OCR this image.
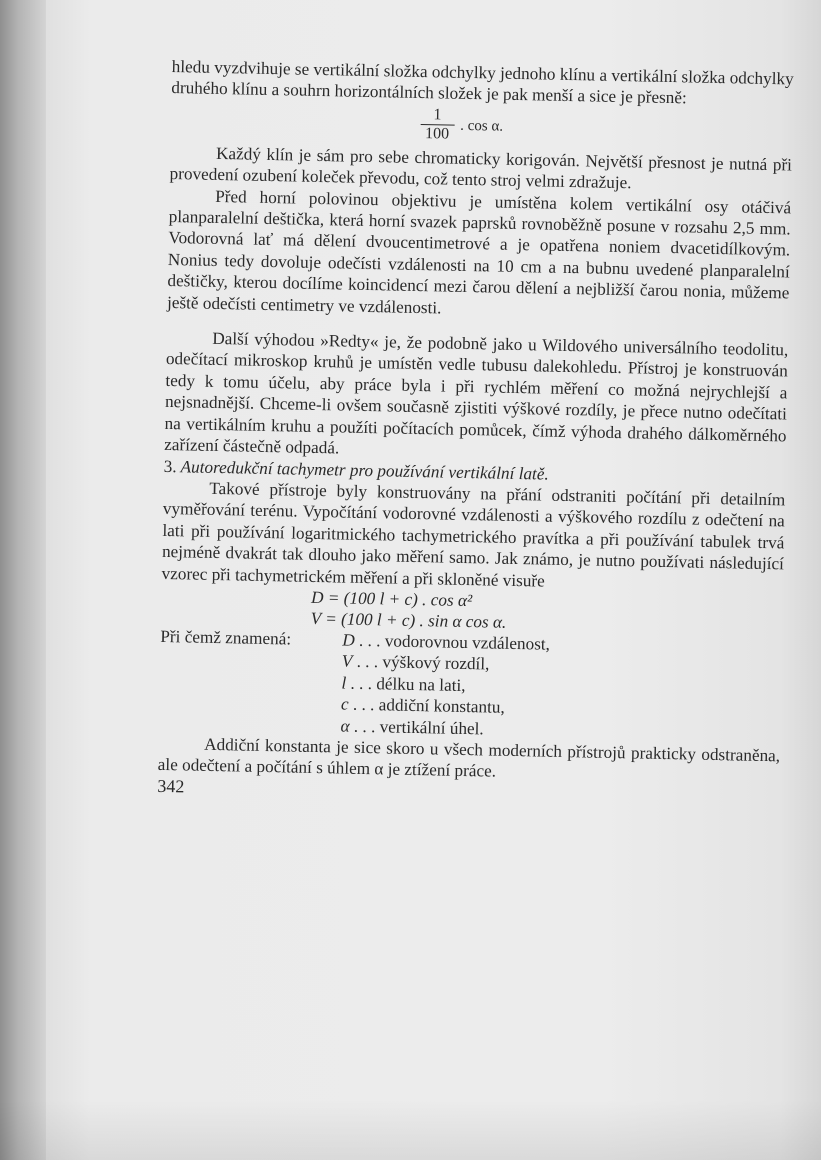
hledu vyzdvihuje se vertikální složka odchylky jednoho klínu a vertikální složka odchylky druhého klínu a souhrn horizontálních složek je pak menší a sice je přesně:

$\frac{1}{100}$ . cos α.

Každý klín je sám pro sebe chromaticky korigován. Největší přesnost je nutná při provedení ozubení koleček převodu, což tento stroj velmi zdražuje.

Před horní polovinou objektivu je umístěna kolem vertikální osy otáčivá planparalelní deštička, která horní svazek paprsků rovnoběžně posune v rozsahu 2,5 mm. Vodorovná lať má dělení dvoucentimetrové a je opatřena noniem dvacetidílkovým. Nonius tedy dovoluje odečísti vzdálenosti na 10 cm a na bubnu uvedené planparalelní deštičky, kterou docílíme koincidencí mezi čarou dělení a nejbližší čarou nonia, můžeme ještě odečísti centimetry ve vzdálenosti.

Další výhodou »Redty« je, že podobně jako u Wildového universálního teodolitu, odečítací mikroskop kruhů je umístěn vedle tubusu dalekohledu. Přístroj je konstruován tedy k tomu účelu, aby práce byla i při rychlém měření co možná nejrychlejší a nejsnadnější. Chceme-li ovšem současně zjistiti výškové rozdíly, je přece nutno odečítati na vertikálním kruhu a použíti počítacích pomůcek, čímž výhoda drahého dálkoměrného zařízení částečně odpadá.

3. Autoredukční tachymetr pro používání vertikální latě.

Takové přístroje byly konstruovány na přání odstraniti počítání při detailním vyměřování terénu. Vypočítání vodorovné vzdálenosti a výškového rozdílu z odečtení na lati při používání logaritmického tachymetrického pravítka a při používání tabulek trvá nejméně dvakrát tak dlouho jako měření samo. Jak známo, je nutno používati následující vzorec při tachymetrickém měření a při skloněné visuře

D = (100 l + c) . cos α²

V = (100 l + c) . sin α cos α.

Při čemž znamená:	D . . . vodorovnou vzdálenost,
V . . . výškový rozdíl,
l . . . délku na lati,
c . . . addiční konstantu,
α . . . vertikální úhel.

Addiční konstanta je sice skoro u všech moderních přístrojů prakticky odstraněna, ale odečtení a počítání s úhlem α je ztížení práce.

342
